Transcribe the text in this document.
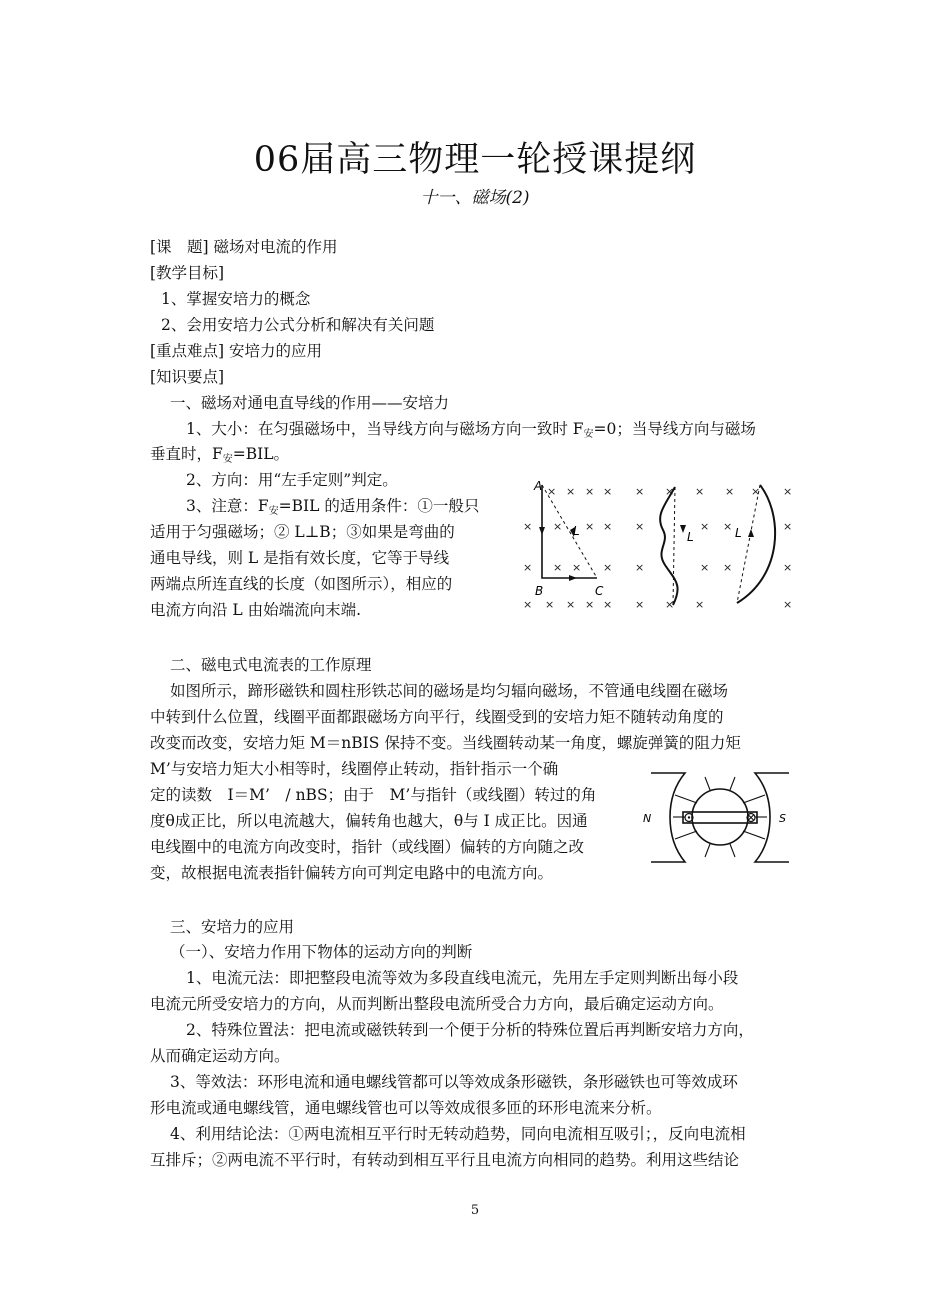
06届高三物理一轮授课提纲
十一、磁场(2)
[课　题] 磁场对电流的作用
[教学目标]
1、掌握安培力的概念
2、会用安培力公式分析和解决有关问题
[重点难点] 安培力的应用
[知识要点]
一、磁场对通电直导线的作用——安培力
1、大小：在匀强磁场中，当导线方向与磁场方向一致时 $F_安=0$；当导线方向与磁场
垂直时，$F_安=BIL$。
2、方向：用“左手定则”判定。
3、注意：$F_安=BIL$ 的适用条件：①一般只
适用于匀强磁场；② L⊥B；③如果是弯曲的
通电导线，则 L 是指有效长度，它等于导线
两端点所连直线的长度（如图所示），相应的
电流方向沿 L 由始端流向末端.
× × × ×
× × × ×
× × × ×
× × × × ×
A
B	C
L
× × × × × ×
×	× ×	×
×	× ×	×
× × ×	×
L	L
二、磁电式电流表的工作原理
如图所示，蹄形磁铁和圆柱形铁芯间的磁场是均匀辐向磁场，不管通电线圈在磁场
中转到什么位置，线圈平面都跟磁场方向平行，线圈受到的安培力矩不随转动角度的
改变而改变，安培力矩 M＝nBIS 保持不变。当线圈转动某一角度，螺旋弹簧的阻力矩
M’与安培力矩大小相等时，线圈停止转动，指针指示一个确
定的读数　I＝M’　/ nBS；由于　M’与指针（或线圈）转过的角
度θ成正比，所以电流越大，偏转角也越大，θ与 I 成正比。因通
电线圈中的电流方向改变时，指针（或线圈）偏转的方向随之改
变，故根据电流表指针偏转方向可判定电路中的电流方向。
N	S
三、安培力的应用
（一）、安培力作用下物体的运动方向的判断
1、电流元法：即把整段电流等效为多段直线电流元，先用左手定则判断出每小段
电流元所受安培力的方向，从而判断出整段电流所受合力方向，最后确定运动方向。
2、特殊位置法：把电流或磁铁转到一个便于分析的特殊位置后再判断安培力方向，
从而确定运动方向。
3、等效法：环形电流和通电螺线管都可以等效成条形磁铁，条形磁铁也可等效成环
形电流或通电螺线管，通电螺线管也可以等效成很多匝的环形电流来分析。
4、利用结论法：①两电流相互平行时无转动趋势，同向电流相互吸引；，反向电流相
互排斥；②两电流不平行时，有转动到相互平行且电流方向相同的趋势。利用这些结论
5
